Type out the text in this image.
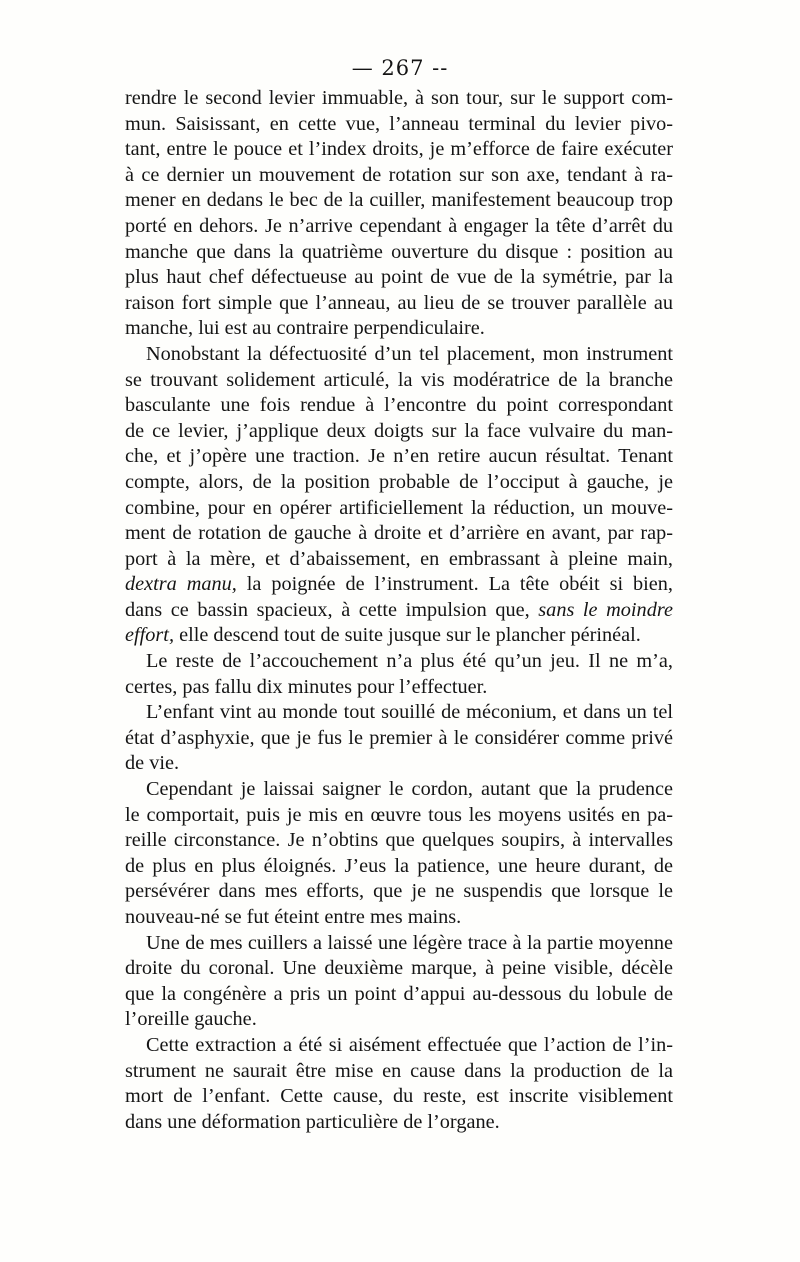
— 267 --
rendre le second levier immuable, à son tour, sur le support com-
mun. Saisissant, en cette vue, l’anneau terminal du levier pivo-
tant, entre le pouce et l’index droits, je m’efforce de faire exécuter
à ce dernier un mouvement de rotation sur son axe, tendant à ra-
mener en dedans le bec de la cuiller, manifestement beaucoup trop
porté en dehors. Je n’arrive cependant à engager la tête d’arrêt du
manche que dans la quatrième ouverture du disque : position au
plus haut chef défectueuse au point de vue de la symétrie, par la
raison fort simple que l’anneau, au lieu de se trouver parallèle au
manche, lui est au contraire perpendiculaire.
Nonobstant la défectuosité d’un tel placement, mon instrument
se trouvant solidement articulé, la vis modératrice de la branche
basculante une fois rendue à l’encontre du point correspondant
de ce levier, j’applique deux doigts sur la face vulvaire du man-
che, et j’opère une traction. Je n’en retire aucun résultat. Tenant
compte, alors, de la position probable de l’occiput à gauche, je
combine, pour en opérer artificiellement la réduction, un mouve-
ment de rotation de gauche à droite et d’arrière en avant, par rap-
port à la mère, et d’abaissement, en embrassant à pleine main,
dextra manu, la poignée de l’instrument. La tête obéit si bien,
dans ce bassin spacieux, à cette impulsion que, sans le moindre
effort, elle descend tout de suite jusque sur le plancher périnéal.
Le reste de l’accouchement n’a plus été qu’un jeu. Il ne m’a,
certes, pas fallu dix minutes pour l’effectuer.
L’enfant vint au monde tout souillé de méconium, et dans un tel
état d’asphyxie, que je fus le premier à le considérer comme privé
de vie.
Cependant je laissai saigner le cordon, autant que la prudence
le comportait, puis je mis en œuvre tous les moyens usités en pa-
reille circonstance. Je n’obtins que quelques soupirs, à intervalles
de plus en plus éloignés. J’eus la patience, une heure durant, de
persévérer dans mes efforts, que je ne suspendis que lorsque le
nouveau-né se fut éteint entre mes mains.
Une de mes cuillers a laissé une légère trace à la partie moyenne
droite du coronal. Une deuxième marque, à peine visible, décèle
que la congénère a pris un point d’appui au-dessous du lobule de
l’oreille gauche.
Cette extraction a été si aisément effectuée que l’action de l’in-
strument ne saurait être mise en cause dans la production de la
mort de l’enfant. Cette cause, du reste, est inscrite visiblement
dans une déformation particulière de l’organe.
